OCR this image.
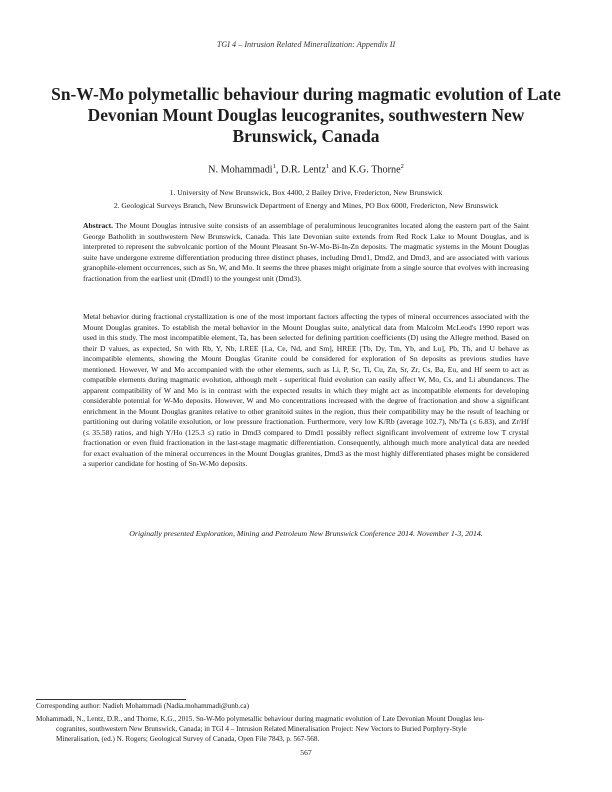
TGI 4 – Intrusion Related Mineralization: Appendix II
Sn-W-Mo polymetallic behaviour during magmatic evolution of Late Devonian Mount Douglas leucogranites, southwestern New Brunswick, Canada
N. Mohammadi$^1$, D.R. Lentz$^1$ and K.G. Thorne$^2$
1. University of New Brunswick, Box 4400, 2 Bailey Drive, Fredericton, New Brunswick
2. Geological Surveys Branch, New Brunswick Department of Energy and Mines, PO Box 6000, Fredericton, New Brunswick

Abstract. The Mount Douglas intrusive suite consists of an assemblage of peraluminous leucogranites located along the eastern part of the Saint George Batholith in southwestern New Brunswick, Canada. This late Devonian suite extends from Red Rock Lake to Mount Douglas, and is interpreted to represent the subvolcanic portion of the Mount Pleasant Sn-W-Mo-Bi-In-Zn deposits. The magmatic systems in the Mount Douglas suite have undergone extreme differentiation producing three distinct phases, including Dmd1, Dmd2, and Dmd3, and are associated with various granophile-element occurrences, such as Sn, W, and Mo. It seems the three phases might originate from a single source that evolves with increasing fractionation from the earliest unit (Dmd1) to the youngest unit (Dmd3).

Metal behavior during fractional crystallization is one of the most important factors affecting the types of mineral occurrences associated with the Mount Douglas granites. To establish the metal behavior in the Mount Douglas suite, analytical data from Malcolm McLeod's 1990 report was used in this study. The most incompatible element, Ta, has been selected for defining partition coefficients (D) using the Allegre method. Based on their D values, as expected, Sn with Rb, Y, Nb, LREE [La, Ce, Nd, and Sm], HREE [Tb, Dy, Tm, Yb, and Lu], Pb, Th, and U behave as incompatible elements, showing the Mount Douglas Granite could be considered for exploration of Sn deposits as previous studies have mentioned. However, W and Mo accompanied with the other elements, such as Li, P, Sc, Ti, Cu, Zn, Sr, Zr, Cs, Ba, Eu, and Hf seem to act as compatible elements during magmatic evolution, although melt - superitical fluid evolution can easily affect W, Mo, Cs, and Li abundances. The apparent compatibility of W and Mo is in contrast with the expected results in which they might act as incompatible elements for developing considerable potential for W-Mo deposits. However, W and Mo concentrations increased with the degree of fractionation and show a significant enrichment in the Mount Douglas granites relative to other granitoid suites in the region, thus their compatibility may be the result of leaching or partitioning out during volatile exsolution, or low pressure fractionation. Furthermore, very low K/Rb (average 102.7), Nb/Ta (≤ 6.83), and Zr/Hf (≤ 35.58) ratios, and high Y/Ho (125.3 ≤) ratio in Dmd3 compared to Dmd1 possibly reflect significant involvement of extreme low T crystal fractionation or even fluid fractionation in the last-stage magmatic differentiation. Consequently, although much more analytical data are needed for exact evaluation of the mineral occurrences in the Mount Douglas granites, Dmd3 as the most highly differentiated phases might be considered a superior candidate for hosting of Sn-W-Mo deposits.

Originally presented Exploration, Mining and Petroleum New Brunswick Conference 2014. November 1-3, 2014.
Corresponding author: Nadieh Mohammadi (Nadia.mohammadi@unb.ca)
Mohammadi, N., Lentz, D.R., and Thorne, K.G., 2015. Sn-W-Mo polymetallic behaviour during magmatic evolution of Late Devonian Mount Douglas leu-
cogranites, southwestern New Brunswick, Canada; in TGI 4 – Intrusion Related Mineralisation Project: New Vectors to Buried Porphyry-Style
Mineralisation, (ed.) N. Rogers; Geological Survey of Canada, Open File 7843, p. 567-568.
567
